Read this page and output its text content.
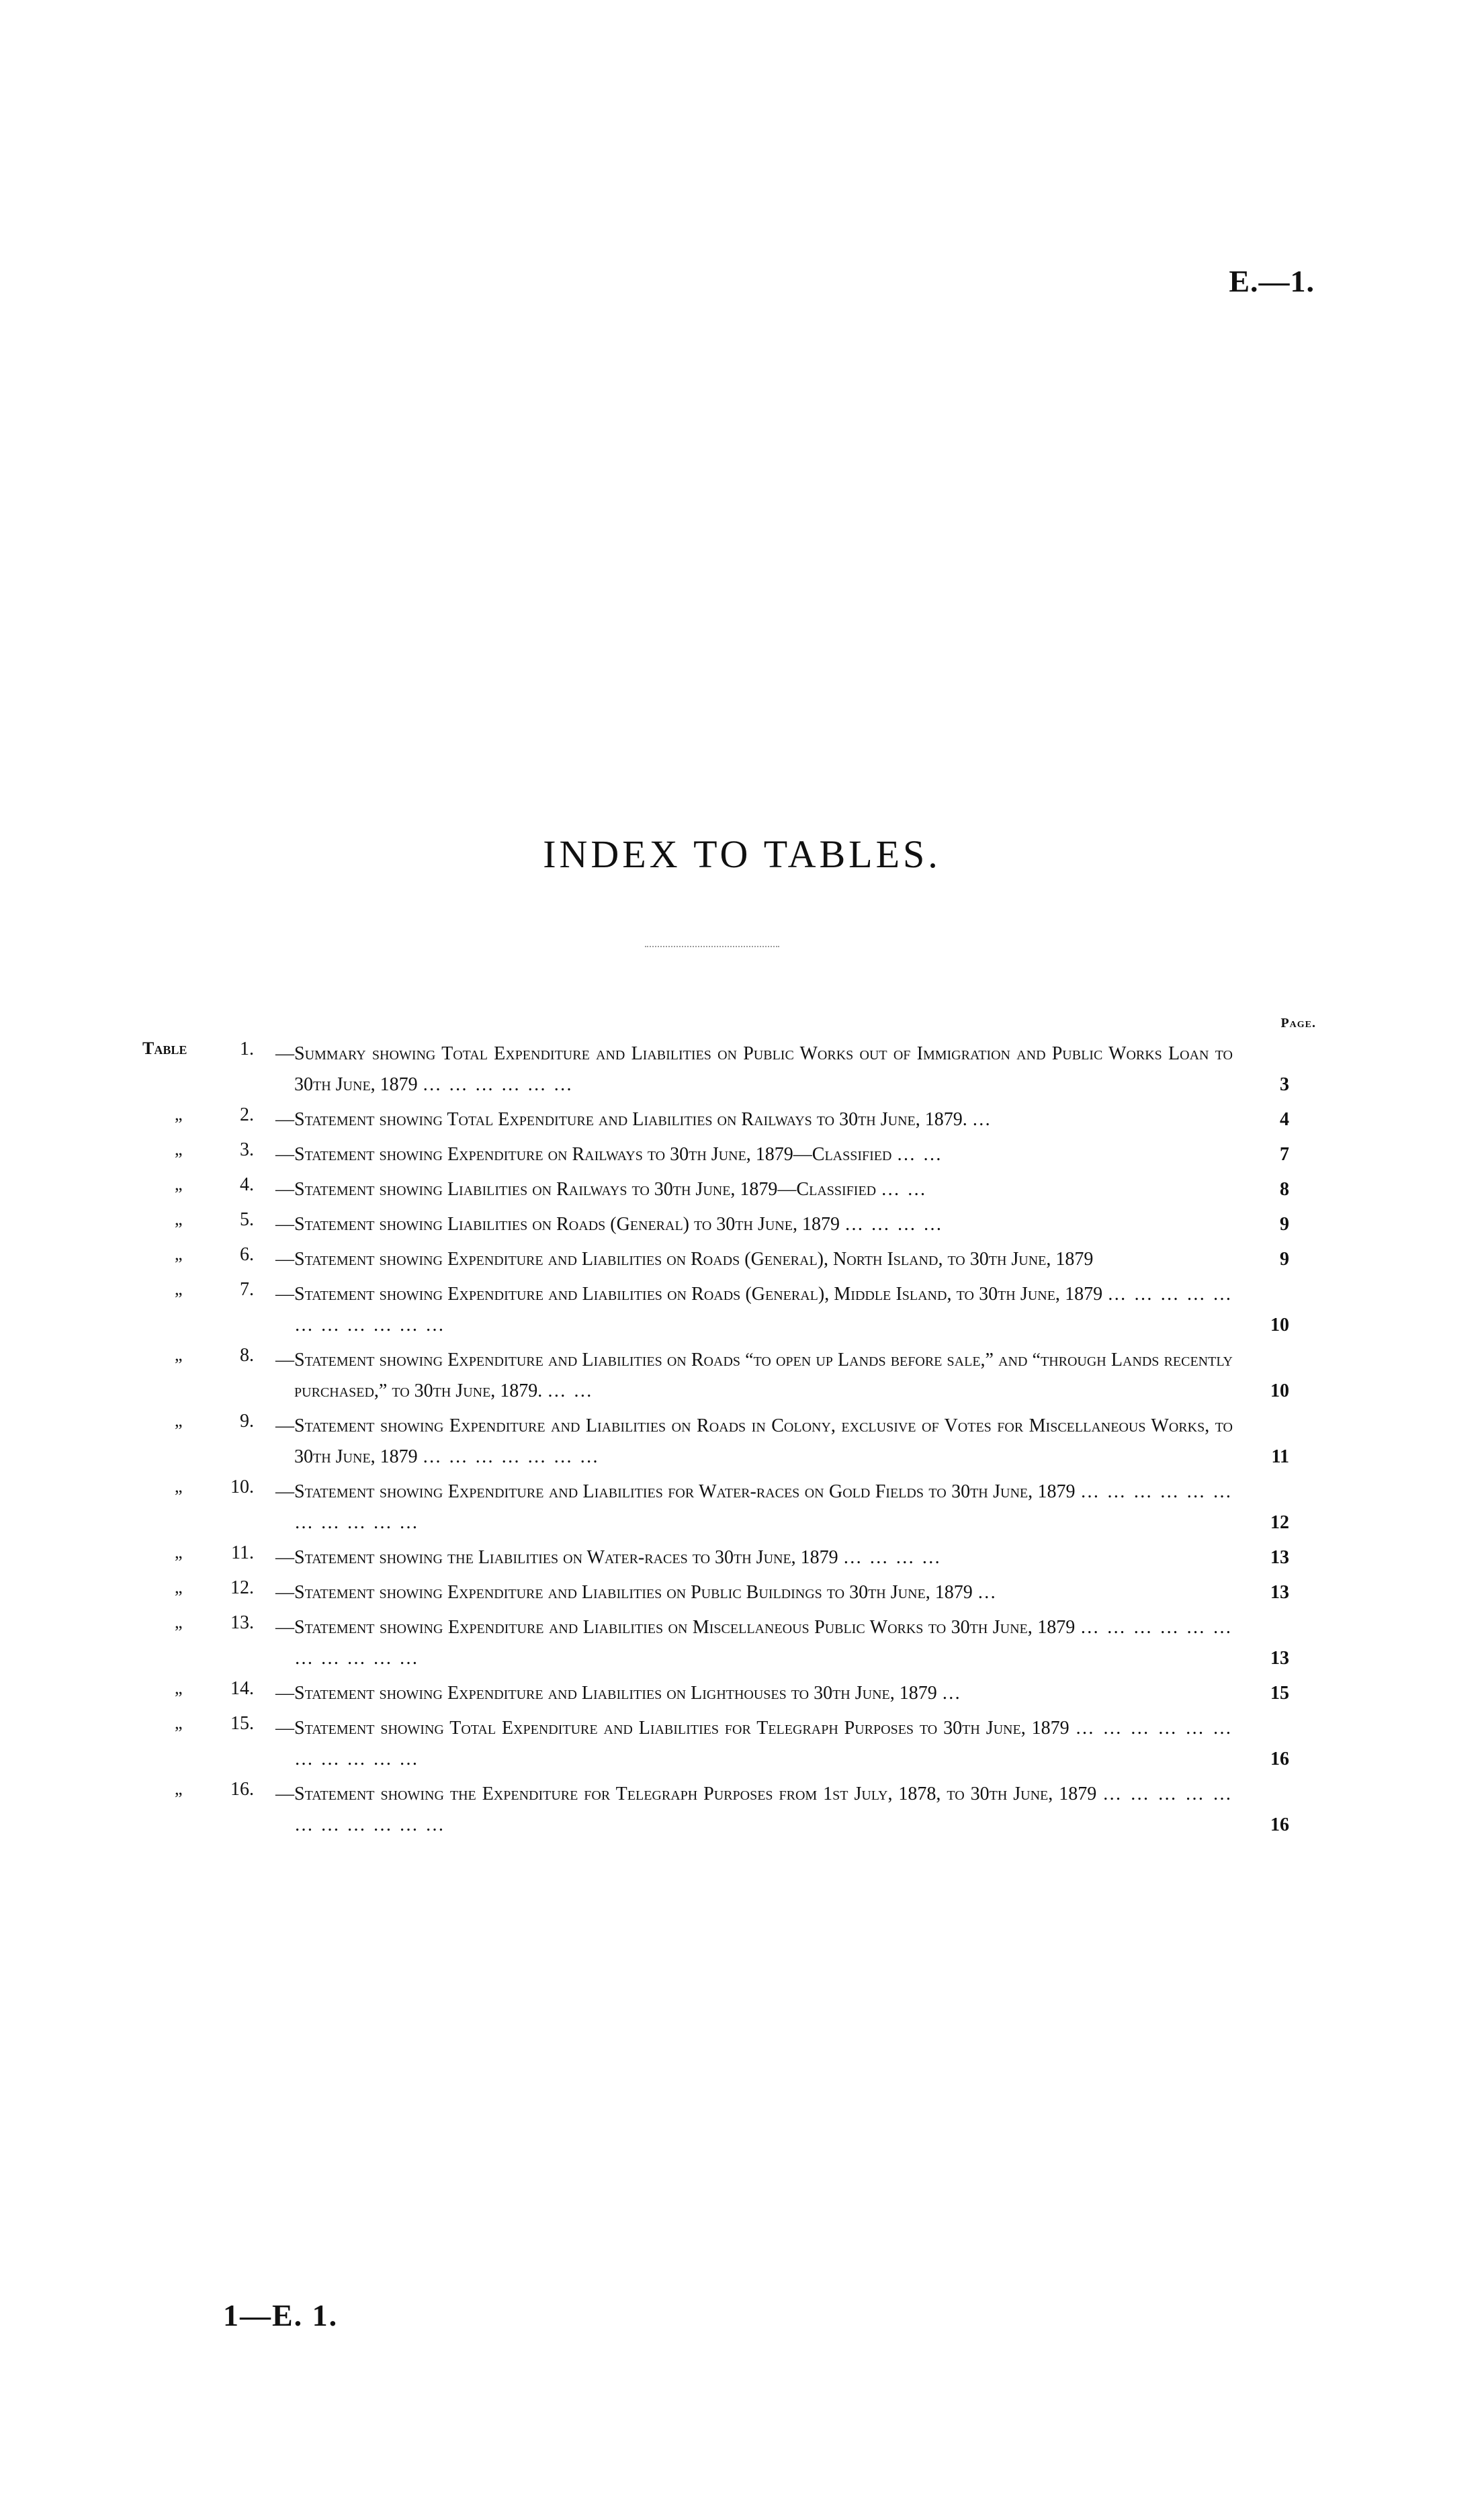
E.—1.
INDEX TO TABLES.
Page.
Table	1. —Summary showing Total Expenditure and Liabilities on Public Works out of Immigration and Public Works Loan to 30th June, 1879 … … … … … …	3
„	2. —Statement showing Total Expenditure and Liabilities on Railways to 30th June, 1879. …	4
„	3. —Statement showing Expenditure on Railways to 30th June, 1879—Classified … …	7
„	4. —Statement showing Liabilities on Railways to 30th June, 1879—Classified … …	8
„	5. —Statement showing Liabilities on Roads (General) to 30th June, 1879 … … … …	9
„	6. —Statement showing Expenditure and Liabilities on Roads (General), North Island, to 30th June, 1879	9
„	7. —Statement showing Expenditure and Liabilities on Roads (General), Middle Island, to 30th June, 1879 … … … … … … … … … … …	10
„	8. —Statement showing Expenditure and Liabilities on Roads “to open up Lands before sale,” and “through Lands recently purchased,” to 30th June, 1879. … …	10
„	9. —Statement showing Expenditure and Liabilities on Roads in Colony, exclusive of Votes for Miscellaneous Works, to 30th June, 1879 … … … … … … …	11
„	10. —Statement showing Expenditure and Liabilities for Water-races on Gold Fields to 30th June, 1879 … … … … … … … … … … …	12
„	11. —Statement showing the Liabilities on Water-races to 30th June, 1879 … … … …	13
„	12. —Statement showing Expenditure and Liabilities on Public Buildings to 30th June, 1879 …	13
„	13. —Statement showing Expenditure and Liabilities on Miscellaneous Public Works to 30th June, 1879 … … … … … … … … … … …	13
„	14. —Statement showing Expenditure and Liabilities on Lighthouses to 30th June, 1879 …	15
„	15. —Statement showing Total Expenditure and Liabilities for Telegraph Purposes to 30th June, 1879 … … … … … … … … … … …	16
„	16. —Statement showing the Expenditure for Telegraph Purposes from 1st July, 1878, to 30th June, 1879 … … … … … … … … … … …	16
1—E. 1.
